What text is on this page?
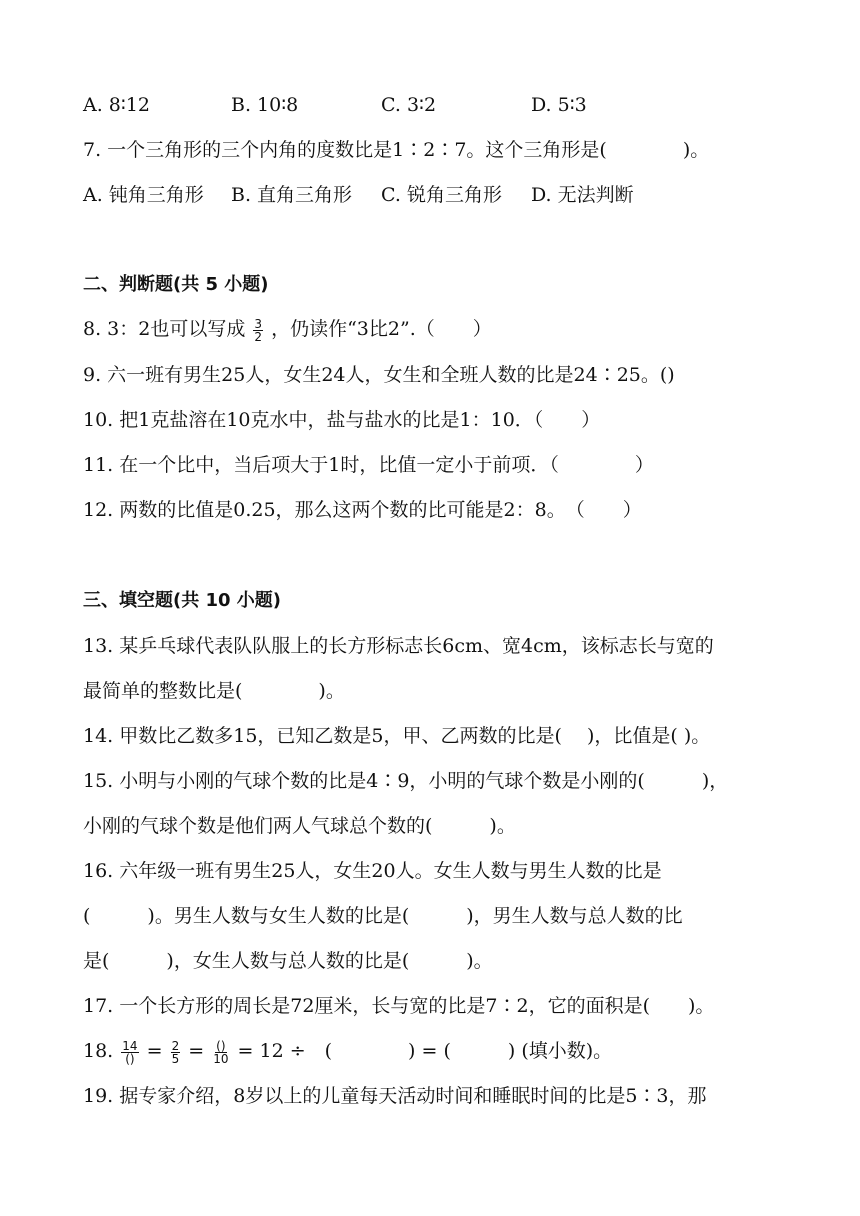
A. 8∶12	B. 10∶8	C. 3∶2	D. 5∶3
7. 一个三角形的三个内角的度数比是1∶2∶7。这个三角形是(　　　　)。
A. 钝角三角形 B. 直角三角形 C. 锐角三角形 D. 无法判断
二、判断题(共 5 小题)
8. 3：2也可以写成 $\frac{3}{2}$ ，仍读作“3比2”.（　　）
9. 六一班有男生25人，女生24人，女生和全班人数的比是24∶25。()
10. 把1克盐溶在10克水中，盐与盐水的比是1：10．（　　）
11. 在一个比中，当后项大于1时，比值一定小于前项．（　　　　）
12. 两数的比值是0.25，那么这两个数的比可能是2：8。　（　　）
三、填空题(共 10 小题)
13. 某乒乓球代表队队服上的长方形标志长6cm、宽4cm，该标志长与宽的
最简单的整数比是(　　　　)。
14. 甲数比乙数多15，已知乙数是5，甲、乙两数的比是(　 )，比值是( )。
15. 小明与小刚的气球个数的比是4∶9，小明的气球个数是小刚的(　　　)，
小刚的气球个数是他们两人气球总个数的(　　　)。
16. 六年级一班有男生25人，女生20人。女生人数与男生人数的比是
(　　　)。男生人数与女生人数的比是(　　　)，男生人数与总人数的比
是(　　　)，女生人数与总人数的比是(　　　)。
17. 一个长方形的周长是72厘米，长与宽的比是7∶2，它的面积是(　　)。
18. $\frac{14}{()} = \frac{2}{5} = \frac{()}{10} = 12$ ÷　(　　　　) = (　　　) (填小数)。
19. 据专家介绍，8岁以上的儿童每天活动时间和睡眠时间的比是5∶3，那
